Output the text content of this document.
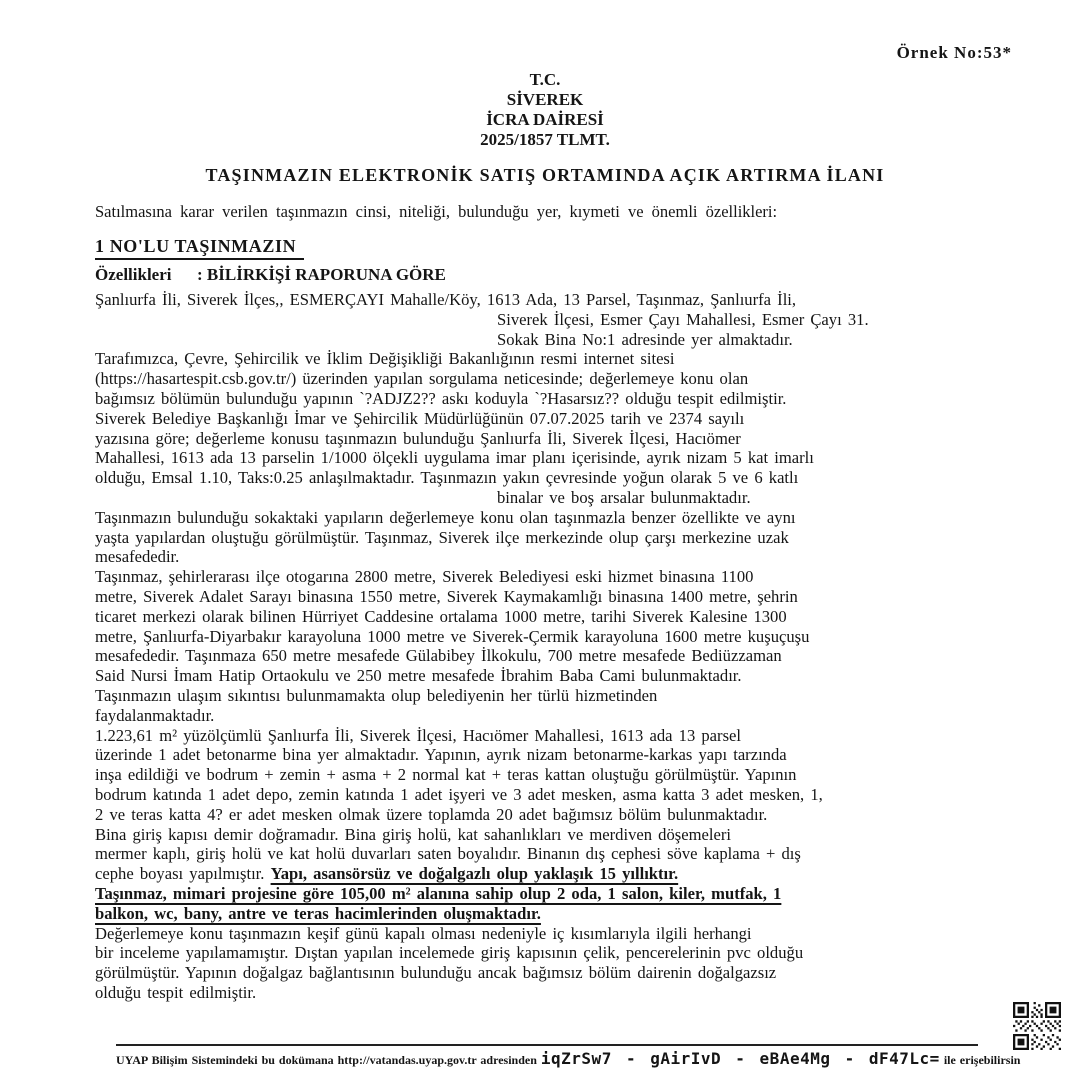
Örnek No:53*
T.C.
SİVEREK
İCRA DAİRESİ
2025/1857 TLMT.
TAŞINMAZIN ELEKTRONİK SATIŞ ORTAMINDA AÇIK ARTIRMA İLANI
Satılmasına karar verilen taşınmazın cinsi, niteliği, bulunduğu yer, kıymeti ve önemli özellikleri:
1 NO'LU TAŞINMAZIN
Özellikleri : BİLİRKİŞİ RAPORUNA GÖRE
Şanlıurfa İli, Siverek İlçes,, ESMERÇAYI Mahalle/Köy, 1613 Ada, 13 Parsel, Taşınmaz, Şanlıurfa İli,
Siverek İlçesi, Esmer Çayı Mahallesi, Esmer Çayı 31.
Sokak Bina No:1 adresinde yer almaktadır.
Tarafımızca, Çevre, Şehircilik ve İklim Değişikliği Bakanlığının resmi internet sitesi
(https://hasartespit.csb.gov.tr/) üzerinden yapılan sorgulama neticesinde; değerlemeye konu olan
bağımsız bölümün bulunduğu yapının `?ADJZ2?? askı koduyla `?Hasarsız?? olduğu tespit edilmiştir.
Siverek Belediye Başkanlığı İmar ve Şehircilik Müdürlüğünün 07.07.2025 tarih ve 2374 sayılı
yazısına göre; değerleme konusu taşınmazın bulunduğu Şanlıurfa İli, Siverek İlçesi, Hacıömer
Mahallesi, 1613 ada 13 parselin 1/1000 ölçekli uygulama imar planı içerisinde, ayrık nizam 5 kat imarlı
olduğu, Emsal 1.10, Taks:0.25 anlaşılmaktadır. Taşınmazın yakın çevresinde yoğun olarak 5 ve 6 katlı
binalar ve boş arsalar bulunmaktadır.
Taşınmazın bulunduğu sokaktaki yapıların değerlemeye konu olan taşınmazla benzer özellikte ve aynı
yaşta yapılardan oluştuğu görülmüştür. Taşınmaz, Siverek ilçe merkezinde olup çarşı merkezine uzak
mesafededir.
Taşınmaz, şehirlerarası ilçe otogarına 2800 metre, Siverek Belediyesi eski hizmet binasına 1100
metre, Siverek Adalet Sarayı binasına 1550 metre, Siverek Kaymakamlığı binasına 1400 metre, şehrin
ticaret merkezi olarak bilinen Hürriyet Caddesine ortalama 1000 metre, tarihi Siverek Kalesine 1300
metre, Şanlıurfa-Diyarbakır karayoluna 1000 metre ve Siverek-Çermik karayoluna 1600 metre kuşuçuşu
mesafededir. Taşınmaza 650 metre mesafede Gülabibey İlkokulu, 700 metre mesafede Bediüzzaman
Said Nursi İmam Hatip Ortaokulu ve 250 metre mesafede İbrahim Baba Cami bulunmaktadır.
Taşınmazın ulaşım sıkıntısı bulunmamakta olup belediyenin her türlü hizmetinden
faydalanmaktadır.
1.223,61 m² yüzölçümlü Şanlıurfa İli, Siverek İlçesi, Hacıömer Mahallesi, 1613 ada 13 parsel
üzerinde 1 adet betonarme bina yer almaktadır. Yapının, ayrık nizam betonarme-karkas yapı tarzında
inşa edildiği ve bodrum + zemin + asma + 2 normal kat + teras kattan oluştuğu görülmüştür. Yapının
bodrum katında 1 adet depo, zemin katında 1 adet işyeri ve 3 adet mesken, asma katta 3 adet mesken, 1,
2 ve teras katta 4? er adet mesken olmak üzere toplamda 20 adet bağımsız bölüm bulunmaktadır.
Bina giriş kapısı demir doğramadır. Bina giriş holü, kat sahanlıkları ve merdiven döşemeleri
mermer kaplı, giriş holü ve kat holü duvarları saten boyalıdır. Binanın dış cephesi söve kaplama + dış
cephe boyası yapılmıştır. Yapı, asansörsüz ve doğalgazlı olup yaklaşık 15 yıllıktır.
Taşınmaz, mimari projesine göre 105,00 m² alanına sahip olup 2 oda, 1 salon, kiler, mutfak, 1
balkon, wc, bany, antre ve teras hacimlerinden oluşmaktadır.
Değerlemeye konu taşınmazın keşif günü kapalı olması nedeniyle iç kısımlarıyla ilgili herhangi
bir inceleme yapılamamıştır. Dıştan yapılan incelemede giriş kapısının çelik, pencerelerinin pvc olduğu
görülmüştür. Yapının doğalgaz bağlantısının bulunduğu ancak bağımsız bölüm dairenin doğalgazsız
olduğu tespit edilmiştir.
UYAP Bilişim Sistemindeki bu dokümana http://vatandas.uyap.gov.tr adresinden iqZrSw7 - gAirIvD - eBAe4Mg - dF47Lc= ile erişebilirsin
